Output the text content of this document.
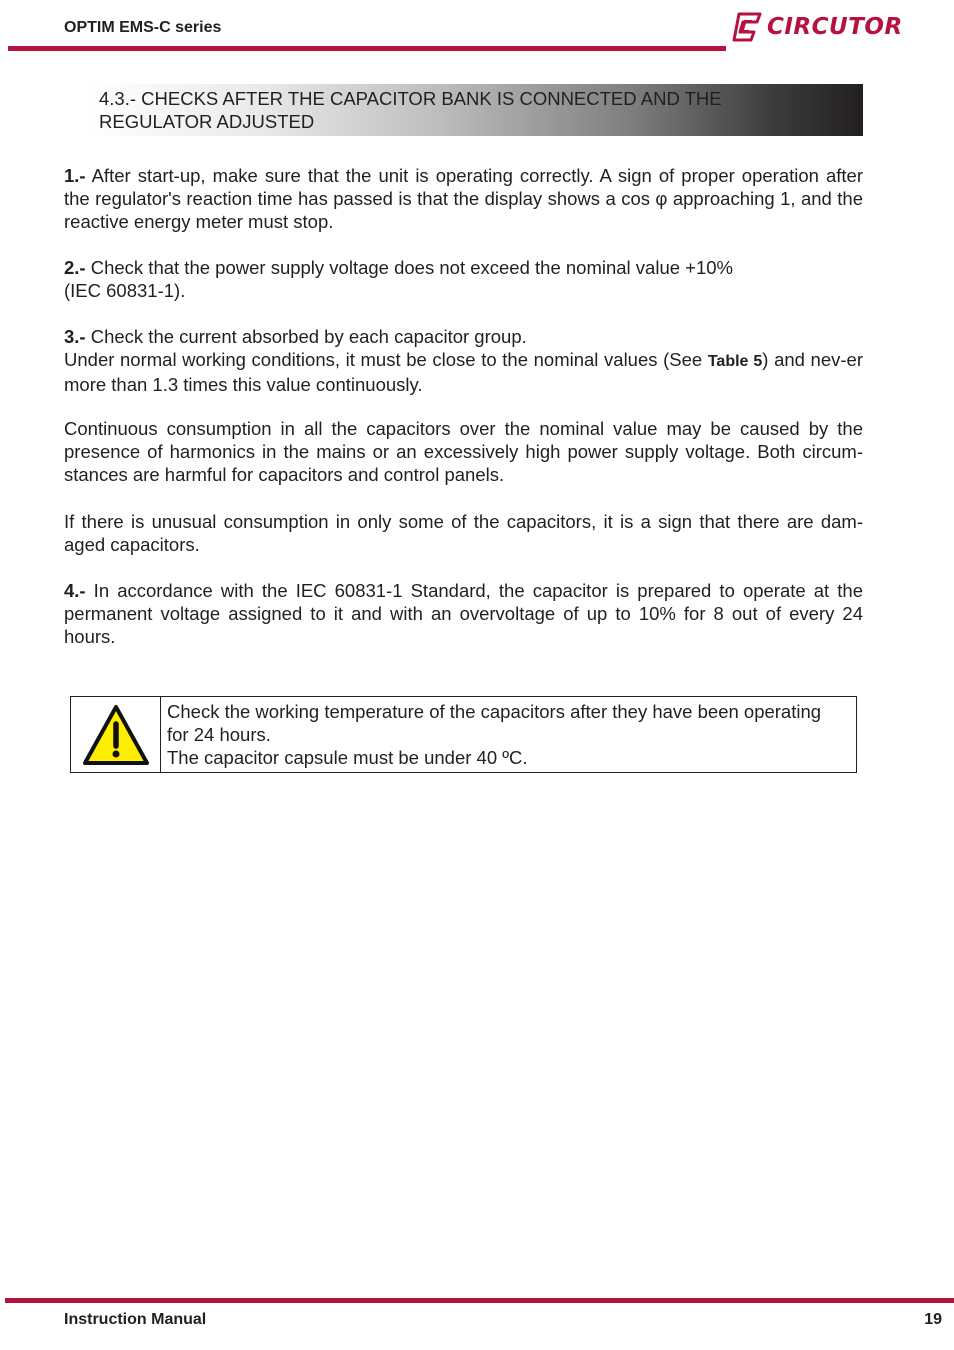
OPTIM EMS-C series	CIRCUTOR
4.3.- CHECKS AFTER THE CAPACITOR BANK IS CONNECTED AND THE
REGULATOR ADJUSTED

1.- After start-up, make sure that the unit is operating correctly. A sign of proper operation after the regulator's reaction time has passed is that the display shows a cos φ approaching 1, and the reactive energy meter must stop.

2.- Check that the power supply voltage does not exceed the nominal value +10%

(IEC 60831-1).

3.- Check the current absorbed by each capacitor group.

Under normal working conditions, it must be close to the nominal values (See Table 5) and nev-er more than 1.3 times this value continuously.

Continuous consumption in all the capacitors over the nominal value may be caused by the presence of harmonics in the mains or an excessively high power supply voltage. Both circum-stances are harmful for capacitors and control panels.

If there is unusual consumption in only some of the capacitors, it is a sign that there are dam-aged capacitors.

4.- In accordance with the IEC 60831-1 Standard, the capacitor is prepared to operate at the permanent voltage assigned to it and with an overvoltage of up to 10% for 8 out of every 24 hours.

Check the working temperature of the capacitors after they have been operating
for 24 hours.
The capacitor capsule must be under 40 ºC.
Instruction Manual	19
